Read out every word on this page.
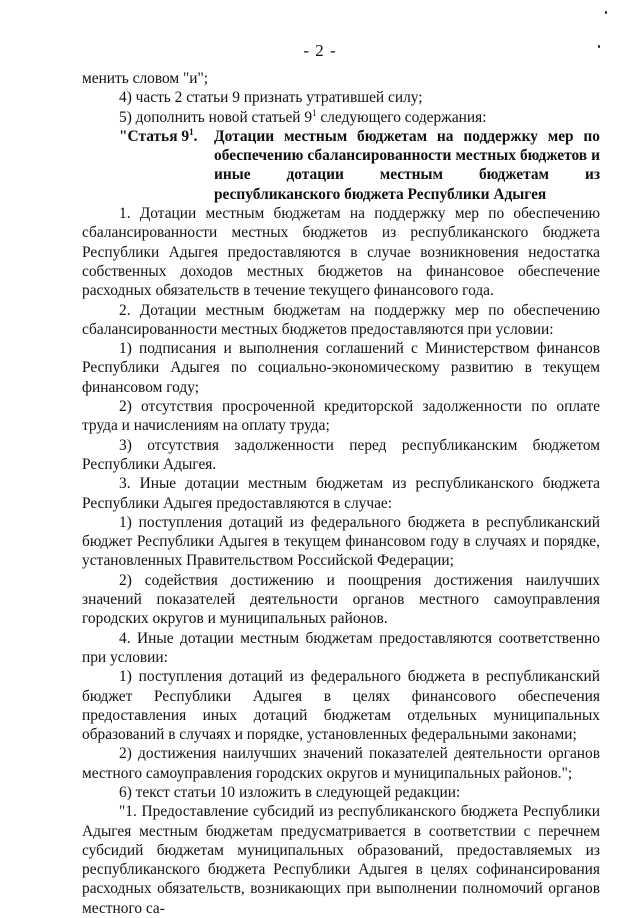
- 2 -

менить словом "и";

4) часть 2 статьи 9 признать утратившей силу;

5) дополнить новой статьей $9^1$ следующего содержания:

"Статья $9^1$.	Дотации местным бюджетам на поддержку мер по обеспечению сбалансированности местных бюджетов и иные дотации местным бюджетам из республиканского бюджета Республики Адыгея

1. Дотации местным бюджетам на поддержку мер по обеспечению сбалансированности местных бюджетов из республиканского бюджета Республики Адыгея предоставляются в случае возникновения недостатка собственных доходов местных бюджетов на финансовое обеспечение расходных обязательств в течение текущего финансового года.

2. Дотации местным бюджетам на поддержку мер по обеспечению сбалансированности местных бюджетов предоставляются при условии:

1) подписания и выполнения соглашений с Министерством финансов Республики Адыгея по социально-экономическому развитию в текущем финансовом году;

2) отсутствия просроченной кредиторской задолженности по оплате труда и начислениям на оплату труда;

3) отсутствия задолженности перед республиканским бюджетом Республики Адыгея.

3. Иные дотации местным бюджетам из республиканского бюджета Республики Адыгея предоставляются в случае:

1) поступления дотаций из федерального бюджета в республиканский бюджет Республики Адыгея в текущем финансовом году в случаях и порядке, установленных Правительством Российской Федерации;

2) содействия достижению и поощрения достижения наилучших значений показателей деятельности органов местного самоуправления городских округов и муниципальных районов.

4. Иные дотации местным бюджетам предоставляются соответственно при условии:

1) поступления дотаций из федерального бюджета в республиканский бюджет Республики Адыгея в целях финансового обеспечения предоставления иных дотаций бюджетам отдельных муниципальных образований в случаях и порядке, установленных федеральными законами;

2) достижения наилучших значений показателей деятельности органов местного самоуправления городских округов и муниципальных районов.";

6) текст статьи 10 изложить в следующей редакции:

"1. Предоставление субсидий из республиканского бюджета Республики Адыгея местным бюджетам предусматривается в соответствии с перечнем субсидий бюджетам муниципальных образований, предоставляемых из республиканского бюджета Республики Адыгея в целях софинансирования расходных обязательств, возникающих при выполнении полномочий органов местного са-
